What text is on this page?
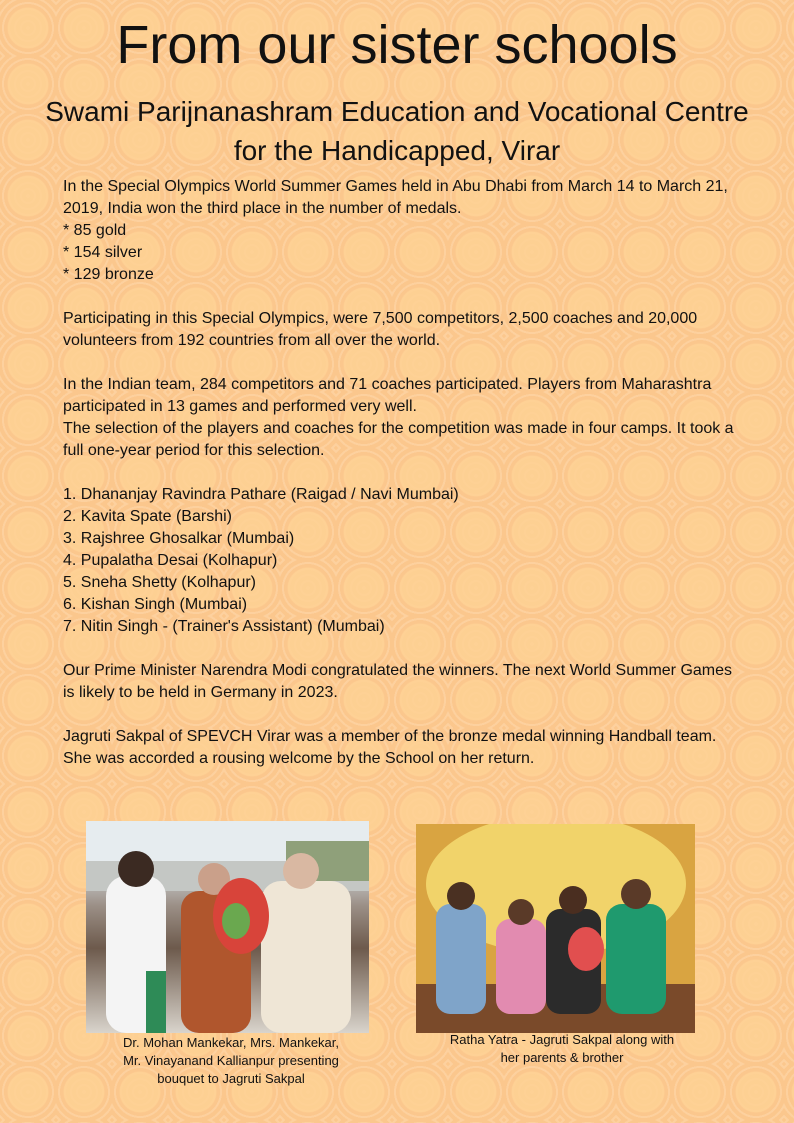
From our sister schools
Swami Parijnanashram Education and Vocational Centre
for the Handicapped, Virar

In the Special Olympics World Summer Games held in Abu Dhabi from March 14 to March 21, 2019, India won the third place in the number of medals.

* 85 gold

* 154 silver

* 129 bronze

Participating in this Special Olympics, were 7,500 competitors, 2,500 coaches and 20,000 volunteers from 192 countries from all over the world.

In the Indian team, 284 competitors and 71 coaches participated. Players from Maharashtra participated in 13 games and performed very well.

The selection of the players and coaches for the competition was made in four camps. It took a full one-year period for this selection.

1. Dhananjay Ravindra Pathare (Raigad / Navi Mumbai)

2. Kavita Spate (Barshi)

3. Rajshree Ghosalkar (Mumbai)

4. Pupalatha Desai (Kolhapur)

5. Sneha Shetty (Kolhapur)

6. Kishan Singh (Mumbai)

7. Nitin Singh - (Trainer's Assistant) (Mumbai)

Our Prime Minister Narendra Modi congratulated the winners. The next World Summer Games is likely to be held in Germany in 2023.

Jagruti Sakpal of SPEVCH Virar was a member of the bronze medal winning Handball team. She was accorded a rousing welcome by the School on her return.

Dr. Mohan Mankekar, Mrs. Mankekar,
Mr. Vinayanand Kallianpur presenting
bouquet to Jagruti Sakpal
Ratha Yatra - Jagruti Sakpal along with
her parents & brother
